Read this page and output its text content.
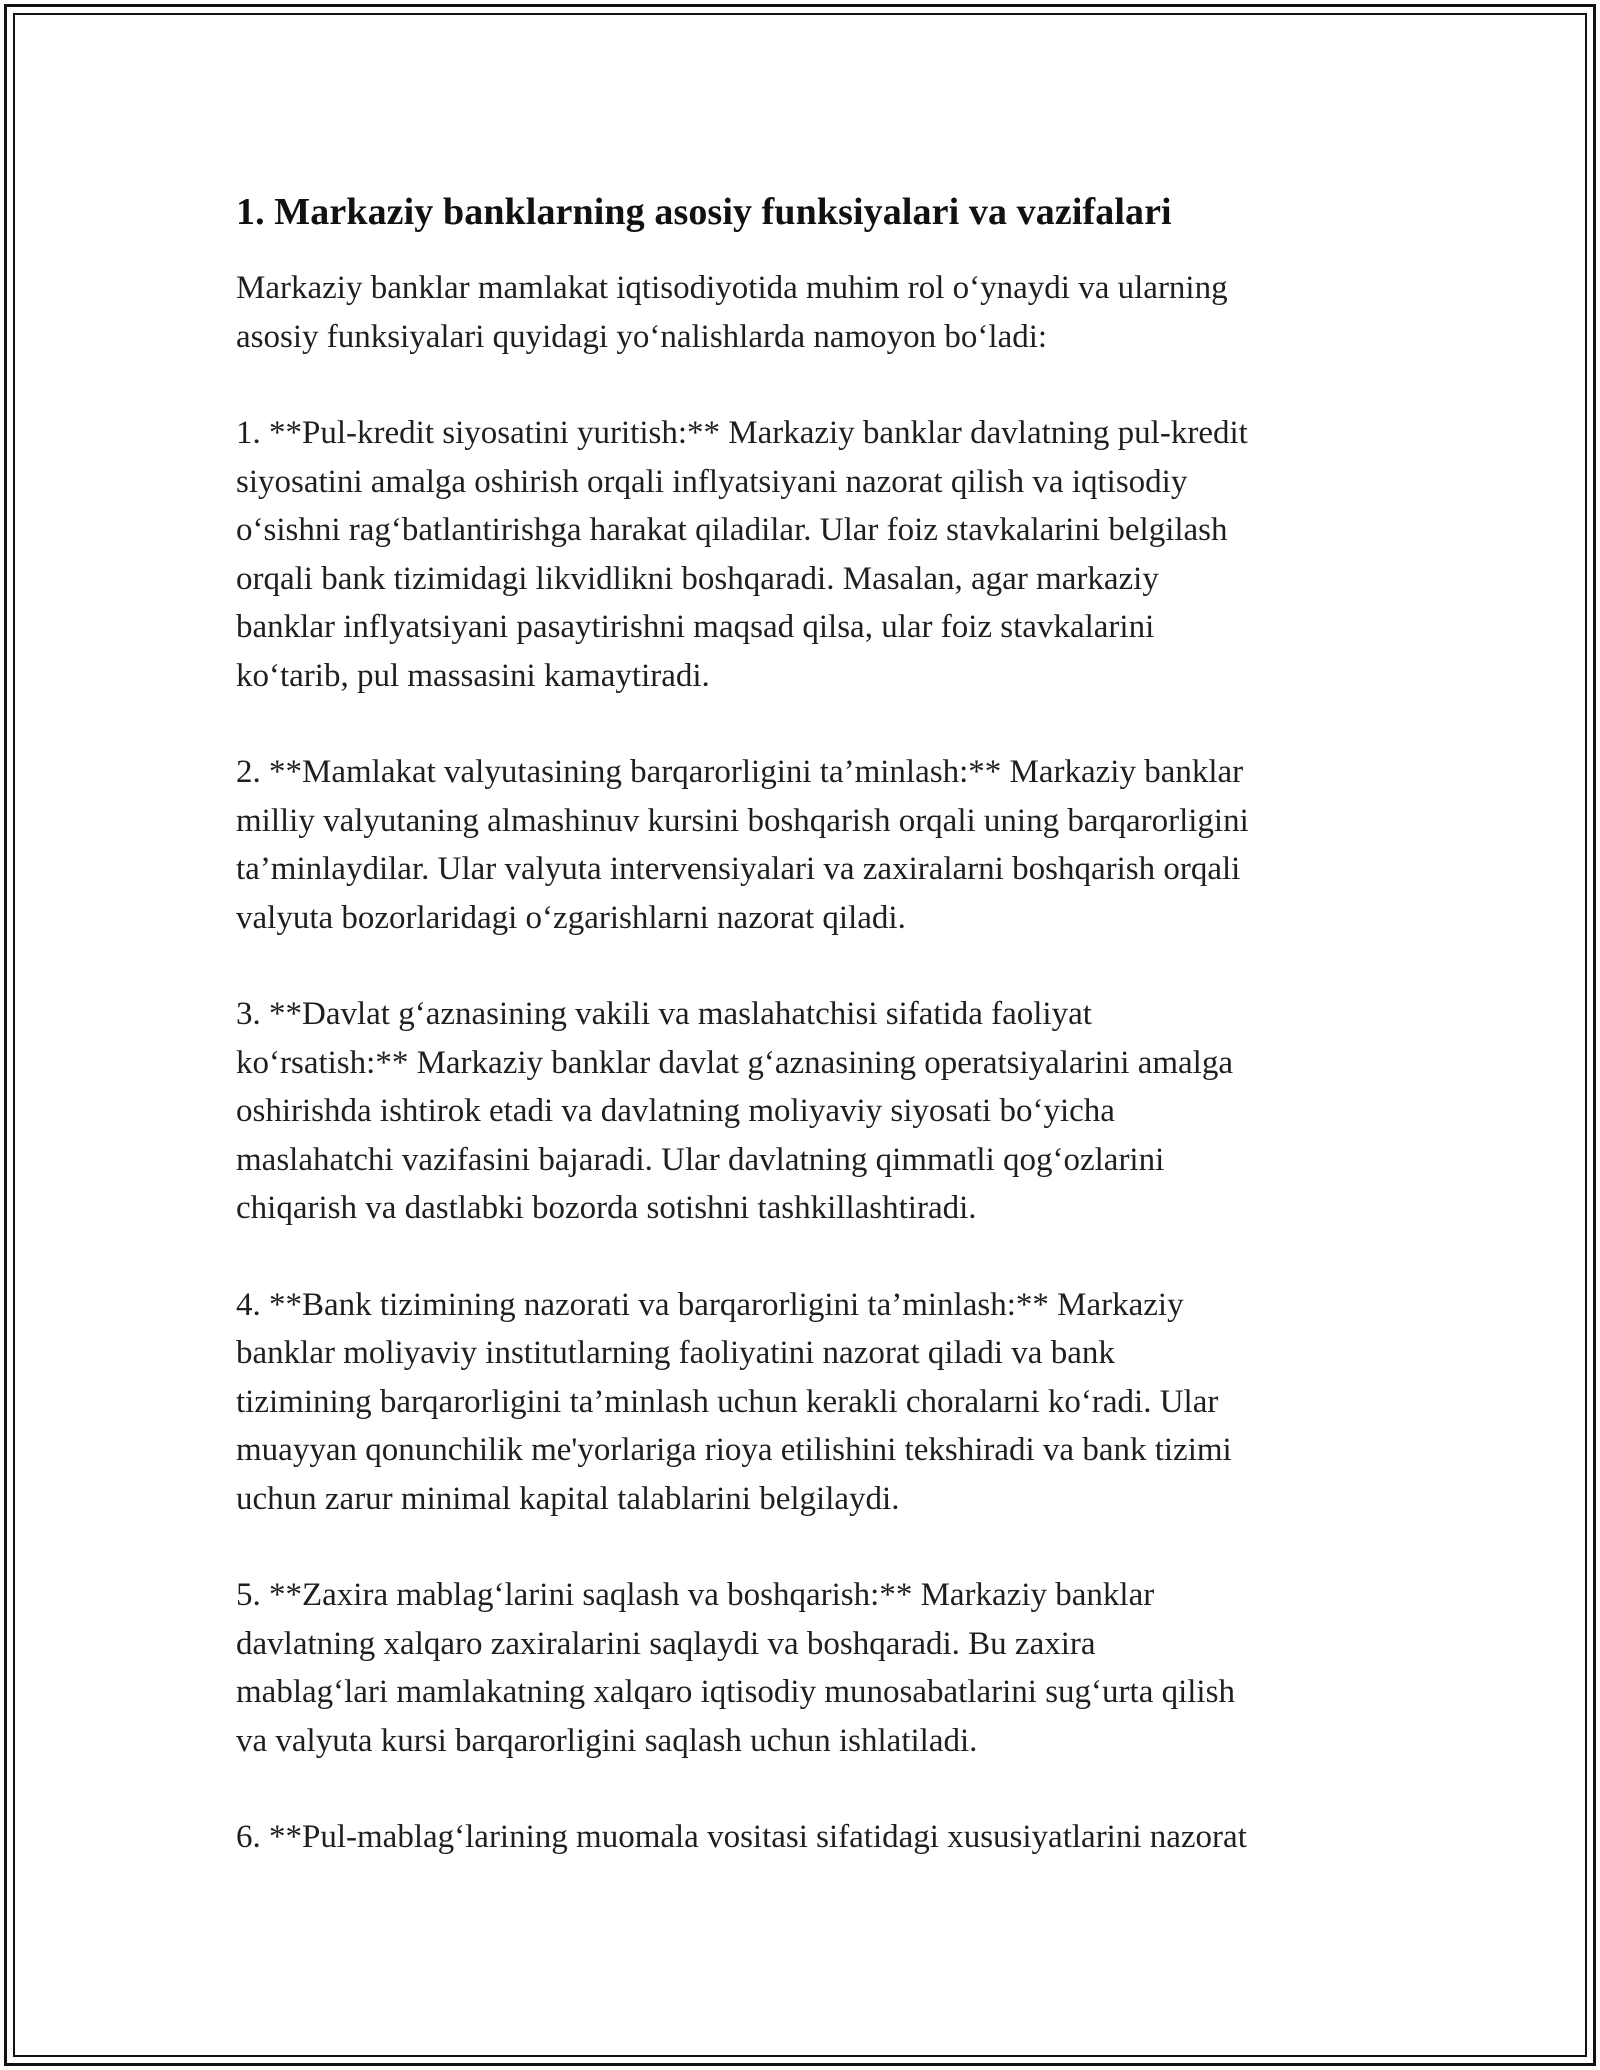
1. Markaziy banklarning asosiy funksiyalari va vazifalari

Markaziy banklar mamlakat iqtisodiyotida muhim rol o‘ynaydi va ularning
asosiy funksiyalari quyidagi yo‘nalishlarda namoyon bo‘ladi:

1. **Pul-kredit siyosatini yuritish:** Markaziy banklar davlatning pul-kredit
siyosatini amalga oshirish orqali inflyatsiyani nazorat qilish va iqtisodiy
o‘sishni rag‘batlantirishga harakat qiladilar. Ular foiz stavkalarini belgilash
orqali bank tizimidagi likvidlikni boshqaradi. Masalan, agar markaziy
banklar inflyatsiyani pasaytirishni maqsad qilsa, ular foiz stavkalarini
ko‘tarib, pul massasini kamaytiradi.

2. **Mamlakat valyutasining barqarorligini ta’minlash:** Markaziy banklar
milliy valyutaning almashinuv kursini boshqarish orqali uning barqarorligini
ta’minlaydilar. Ular valyuta intervensiyalari va zaxiralarni boshqarish orqali
valyuta bozorlaridagi o‘zgarishlarni nazorat qiladi.

3. **Davlat g‘aznasining vakili va maslahatchisi sifatida faoliyat
ko‘rsatish:** Markaziy banklar davlat g‘aznasining operatsiyalarini amalga
oshirishda ishtirok etadi va davlatning moliyaviy siyosati bo‘yicha
maslahatchi vazifasini bajaradi. Ular davlatning qimmatli qog‘ozlarini
chiqarish va dastlabki bozorda sotishni tashkillashtiradi.

4. **Bank tizimining nazorati va barqarorligini ta’minlash:** Markaziy
banklar moliyaviy institutlarning faoliyatini nazorat qiladi va bank
tizimining barqarorligini ta’minlash uchun kerakli choralarni ko‘radi. Ular
muayyan qonunchilik me'yorlariga rioya etilishini tekshiradi va bank tizimi
uchun zarur minimal kapital talablarini belgilaydi.

5. **Zaxira mablag‘larini saqlash va boshqarish:** Markaziy banklar
davlatning xalqaro zaxiralarini saqlaydi va boshqaradi. Bu zaxira
mablag‘lari mamlakatning xalqaro iqtisodiy munosabatlarini sug‘urta qilish
va valyuta kursi barqarorligini saqlash uchun ishlatiladi.

6. **Pul-mablag‘larining muomala vositasi sifatidagi xususiyatlarini nazorat
